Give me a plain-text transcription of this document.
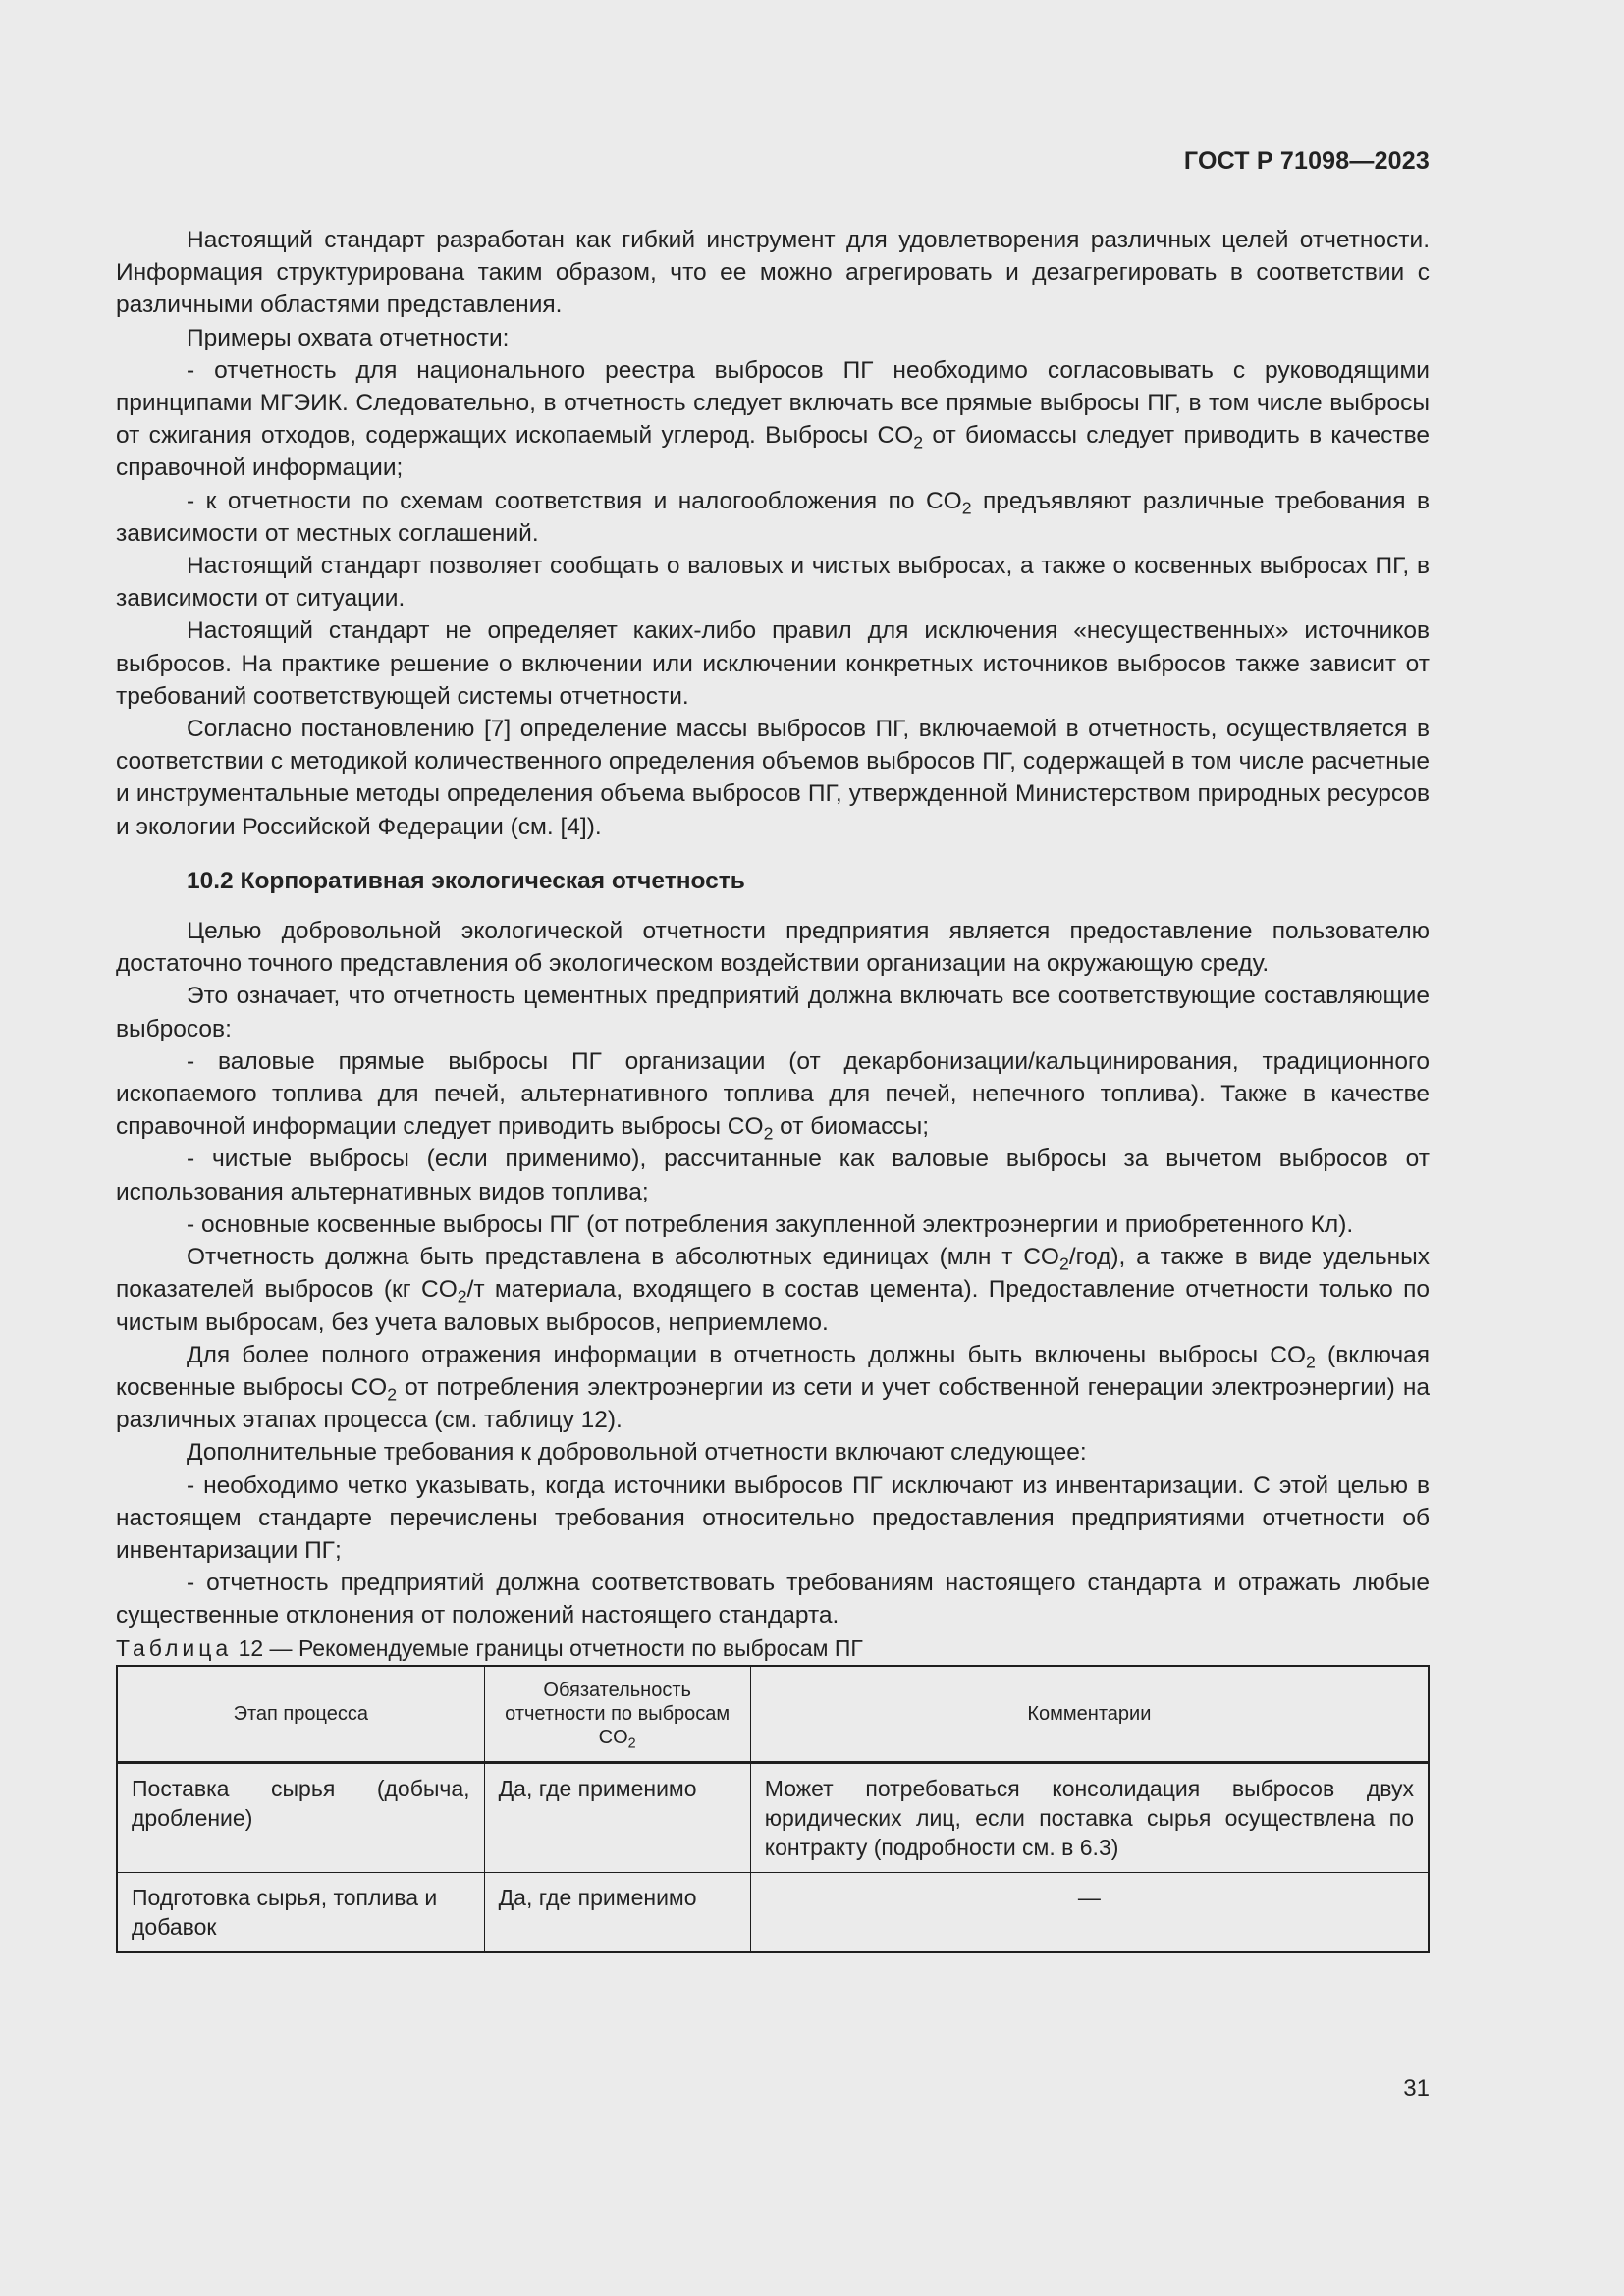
ГОСТ Р 71098—2023

Настоящий стандарт разработан как гибкий инструмент для удовлетворения различных целей отчетности. Информация структурирована таким образом, что ее можно агрегировать и дезагрегировать в соответствии с различными областями представления.

Примеры охвата отчетности:

- отчетность для национального реестра выбросов ПГ необходимо согласовывать с руководящими принципами МГЭИК. Следовательно, в отчетность следует включать все прямые выбросы ПГ, в том числе выбросы от сжигания отходов, содержащих ископаемый углерод. Выбросы $CO_2$ от биомассы следует приводить в качестве справочной информации;

- к отчетности по схемам соответствия и налогообложения по $CO_2$ предъявляют различные требования в зависимости от местных соглашений.

Настоящий стандарт позволяет сообщать о валовых и чистых выбросах, а также о косвенных выбросах ПГ, в зависимости от ситуации.

Настоящий стандарт не определяет каких-либо правил для исключения «несущественных» источников выбросов. На практике решение о включении или исключении конкретных источников выбросов также зависит от требований соответствующей системы отчетности.

Согласно постановлению [7] определение массы выбросов ПГ, включаемой в отчетность, осуществляется в соответствии с методикой количественного определения объемов выбросов ПГ, содержащей в том числе расчетные и инструментальные методы определения объема выбросов ПГ, утвержденной Министерством природных ресурсов и экологии Российской Федерации (см. [4]).

10.2 Корпоративная экологическая отчетность

Целью добровольной экологической отчетности предприятия является предоставление пользователю достаточно точного представления об экологическом воздействии организации на окружающую среду.

Это означает, что отчетность цементных предприятий должна включать все соответствующие составляющие выбросов:

- валовые прямые выбросы ПГ организации (от декарбонизации/кальцинирования, традиционного ископаемого топлива для печей, альтернативного топлива для печей, непечного топлива). Также в качестве справочной информации следует приводить выбросы $CO_2$ от биомассы;

- чистые выбросы (если применимо), рассчитанные как валовые выбросы за вычетом выбросов от использования альтернативных видов топлива;

- основные косвенные выбросы ПГ (от потребления закупленной электроэнергии и приобретенного Кл).

Отчетность должна быть представлена в абсолютных единицах (млн т $CO_2/год$), а также в виде удельных показателей выбросов (кг $CO_2/т$ материала, входящего в состав цемента). Предоставление отчетности только по чистым выбросам, без учета валовых выбросов, неприемлемо.

Для более полного отражения информации в отчетность должны быть включены выбросы $CO_2$ (включая косвенные выбросы $CO_2$ от потребления электроэнергии из сети и учет собственной генерации электроэнергии) на различных этапах процесса (см. таблицу 12).

Дополнительные требования к добровольной отчетности включают следующее:

- необходимо четко указывать, когда источники выбросов ПГ исключают из инвентаризации. С этой целью в настоящем стандарте перечислены требования относительно предоставления предприятиями отчетности об инвентаризации ПГ;

- отчетность предприятий должна соответствовать требованиям настоящего стандарта и отражать любые существенные отклонения от положений настоящего стандарта.

Таблица 12 — Рекомендуемые границы отчетности по выбросам ПГ

Этап процесса	Обязательность отчетности по выбросам $CO_2$	Комментарии
Поставка сырья (добыча, дробление)	Да, где применимо	Может потребоваться консолидация выбросов двух юридических лиц, если поставка сырья осуществлена по контракту (подробности см. в 6.3)
Подготовка сырья, топлива и добавок	Да, где применимо	—
31
